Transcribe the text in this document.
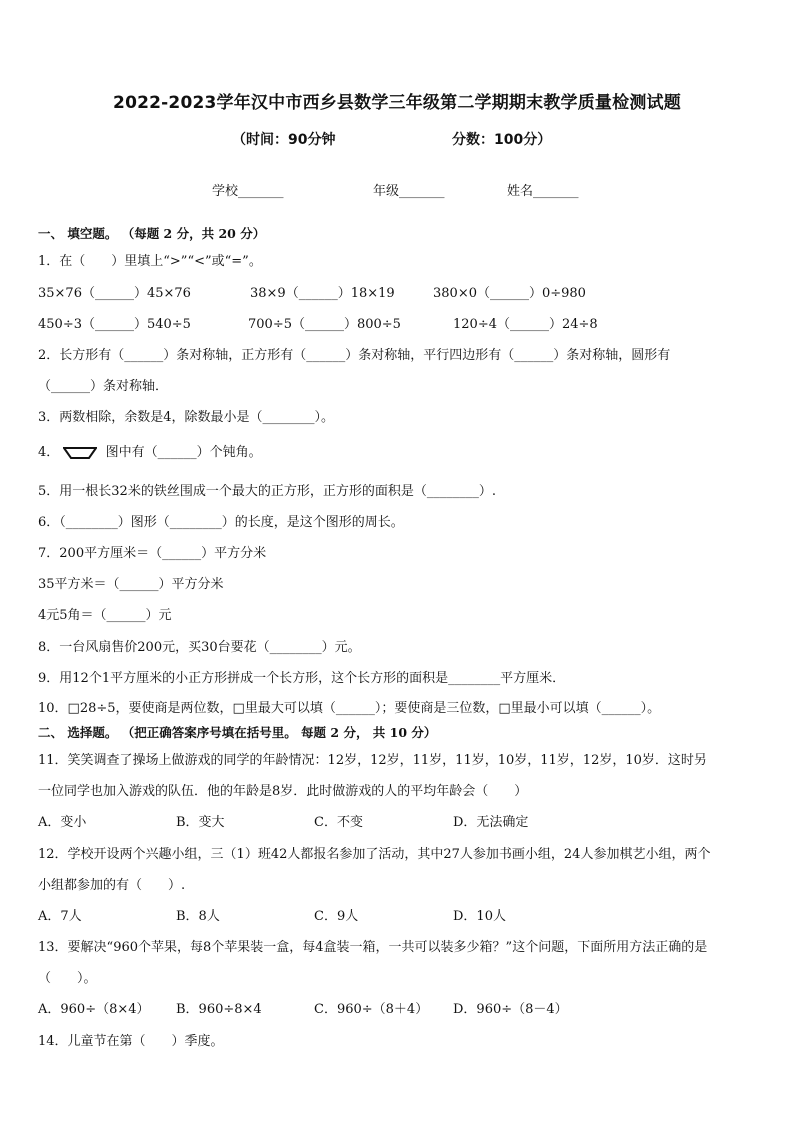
2022-2023学年汉中市西乡县数学三年级第二学期期末教学质量检测试题
（时间：90分钟	分数：100分）
学校_______	年级_______	姓名_______
一、 填空题。 （每题 2 分，共 20 分）
1．在（　　）里填上“>”“<”或“=”。
35×76（______）45×76	38×9（______）18×19	380×0（______）0÷980
450÷3（______）540÷5	700÷5（______）800÷5	120÷4（______）24÷8
2．长方形有（______）条对称轴，正方形有（______）条对称轴，平行四边形有（______）条对称轴，圆形有
（______）条对称轴．
3．两数相除，余数是4，除数最小是（________）。
4．	图中有（______）个钝角。
5．用一根长32米的铁丝围成一个最大的正方形，正方形的面积是（________）.
6．（________）图形（________）的长度，是这个图形的周长。
7．200平方厘米＝（______）平方分米
35平方米＝（______）平方分米
4元5角＝（______）元
8．一台风扇售价200元，买30台要花（________）元。
9．用12个1平方厘米的小正方形拼成一个长方形，这个长方形的面积是________平方厘米．
10．□28÷5，要使商是两位数，□里最大可以填（______）；要使商是三位数，□里最小可以填（______）。
二、 选择题。 （把正确答案序号填在括号里。 每题 2 分， 共 10 分）
11．笑笑调查了操场上做游戏的同学的年龄情况：12岁，12岁，11岁，11岁，10岁，11岁，12岁，10岁．这时另
一位同学也加入游戏的队伍．他的年龄是8岁．此时做游戏的人的平均年龄会（　　）
A．变小	B．变大	C．不变	D．无法确定
12．学校开设两个兴趣小组，三（1）班42人都报名参加了活动，其中27人参加书画小组，24人参加棋艺小组，两个
小组都参加的有（　　）.
A．7人	B．8人	C．9人	D．10人
13．要解决“960个苹果，每8个苹果装一盒，每4盒装一箱，一共可以装多少箱？”这个问题，下面所用方法正确的是
（　　）。
A．960÷（8×4） B．960÷8×4	C．960÷（8＋4） D．960÷（8－4）
14．儿童节在第（　　）季度。
